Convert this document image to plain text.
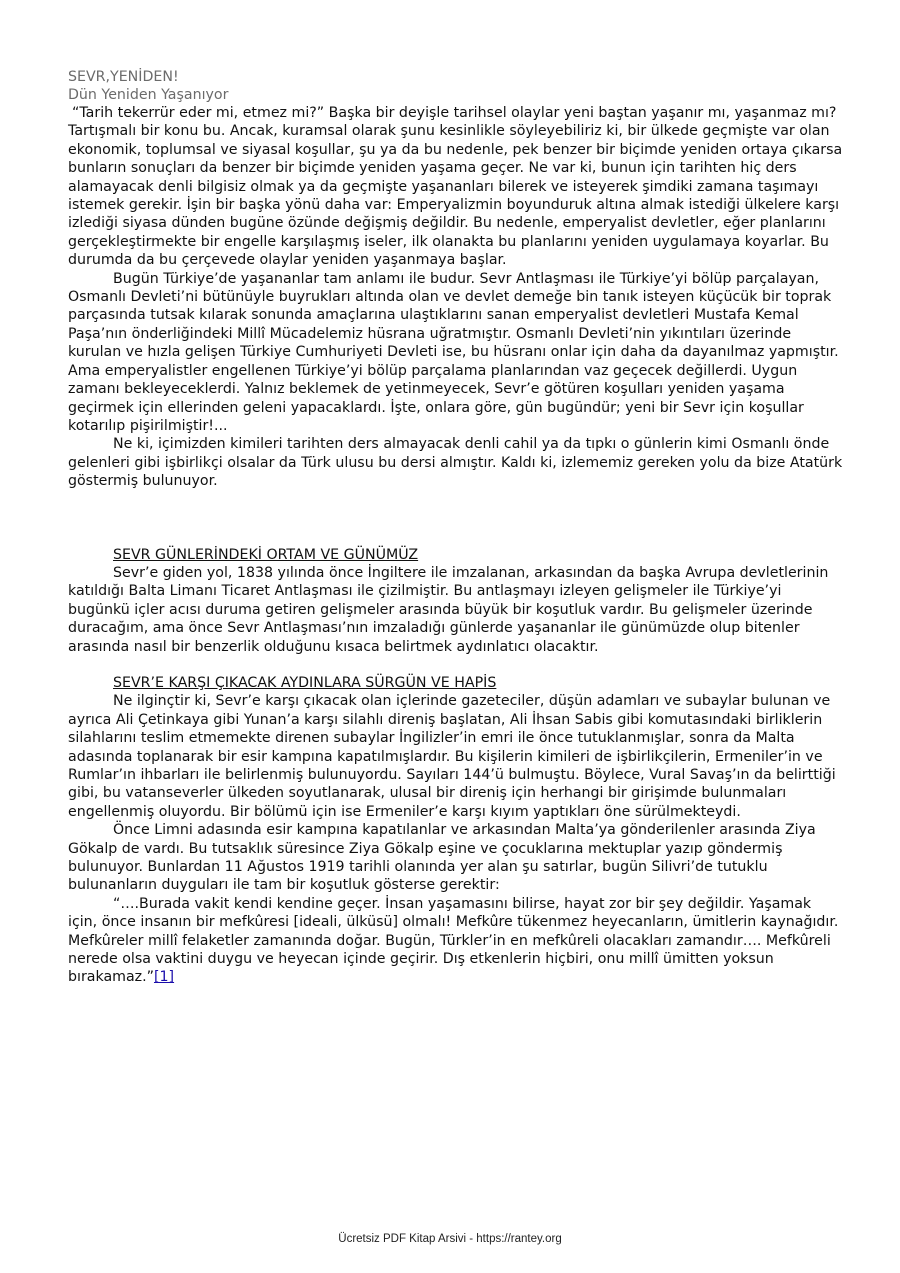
SEVR,YENİDEN!

Dün Yeniden Yaşanıyor

“Tarih tekerrür eder mi, etmez mi?” Başka bir deyişle tarihsel olaylar yeni baştan yaşanır mı, yaşanmaz mı? Tartışmalı bir konu bu. Ancak, kuramsal olarak şunu kesinlikle söyleyebiliriz ki, bir ülkede geçmişte var olan ekonomik, toplumsal ve siyasal koşullar, şu ya da bu nedenle, pek benzer bir biçimde yeniden ortaya çıkarsa bunların sonuçları da benzer bir biçimde yeniden yaşama geçer. Ne var ki, bunun için tarihten hiç ders alamayacak denli bilgisiz olmak ya da geçmişte yaşananları bilerek ve isteyerek şimdiki zamana taşımayı istemek gerekir. İşin bir başka yönü daha var: Emperyalizmin boyunduruk altına almak istediği ülkelere karşı izlediği siyasa dünden bugüne özünde değişmiş değildir. Bu nedenle, emperyalist devletler, eğer planlarını gerçekleştirmekte bir engelle karşılaşmış iseler, ilk olanakta bu planlarını yeniden uygulamaya koyarlar. Bu durumda da bu çerçevede olaylar yeniden yaşanmaya başlar.

Bugün Türkiye’de yaşananlar tam anlamı ile budur. Sevr Antlaşması ile Türkiye’yi bölüp parçalayan, Osmanlı Devleti’ni bütünüyle buyrukları altında olan ve devlet demeğe bin tanık isteyen küçücük bir toprak parçasında tutsak kılarak sonunda amaçlarına ulaştıklarını sanan emperyalist devletleri Mustafa Kemal Paşa’nın önderliğindeki Millî Mücadelemiz hüsrana uğratmıştır. Osmanlı Devleti’nin yıkıntıları üzerinde kurulan ve hızla gelişen Türkiye Cumhuriyeti Devleti ise, bu hüsranı onlar için daha da dayanılmaz yapmıştır. Ama emperyalistler engellenen Türkiye’yi bölüp parçalama planlarından vaz geçecek değillerdi. Uygun zamanı bekleyeceklerdi. Yalnız beklemek de yetinmeyecek, Sevr’e götüren koşulları yeniden yaşama geçirmek için ellerinden geleni yapacaklardı. İşte, onlara göre, gün bugündür; yeni bir Sevr için koşullar kotarılıp pişirilmiştir!...

Ne ki, içimizden kimileri tarihten ders almayacak denli cahil ya da tıpkı o günlerin kimi Osmanlı önde gelenleri gibi işbirlikçi olsalar da Türk ulusu bu dersi almıştır. Kaldı ki, izlememiz gereken yolu da bize Atatürk göstermiş bulunuyor.

SEVR GÜNLERİNDEKİ ORTAM VE GÜNÜMÜZ

Sevr’e giden yol, 1838 yılında önce İngiltere ile imzalanan, arkasından da başka Avrupa devletlerinin katıldığı Balta Limanı Ticaret Antlaşması ile çizilmiştir. Bu antlaşmayı izleyen gelişmeler ile Türkiye’yi bugünkü içler acısı duruma getiren gelişmeler arasında büyük bir koşutluk vardır. Bu gelişmeler üzerinde duracağım, ama önce Sevr Antlaşması’nın imzaladığı günlerde yaşananlar ile günümüzde olup bitenler arasında nasıl bir benzerlik olduğunu kısaca belirtmek aydınlatıcı olacaktır.

SEVR’E KARŞI ÇIKACAK AYDINLARA SÜRGÜN VE HAPİS

Ne ilginçtir ki, Sevr’e karşı çıkacak olan içlerinde gazeteciler, düşün adamları ve subaylar bulunan ve ayrıca Ali Çetinkaya gibi Yunan’a karşı silahlı direniş başlatan, Ali İhsan Sabis gibi komutasındaki birliklerin silahlarını teslim etmemekte direnen subaylar İngilizler’in emri ile önce tutuklanmışlar, sonra da Malta adasında toplanarak bir esir kampına kapatılmışlardır. Bu kişilerin kimileri de işbirlikçilerin, Ermeniler’in ve Rumlar’ın ihbarları ile belirlenmiş bulunuyordu. Sayıları 144’ü bulmuştu. Böylece, Vural Savaş’ın da belirttiği gibi, bu vatanseverler ülkeden soyutlanarak, ulusal bir direniş için herhangi bir girişimde bulunmaları engellenmiş oluyordu. Bir bölümü için ise Ermeniler’e karşı kıyım yaptıkları öne sürülmekteydi.

Önce Limni adasında esir kampına kapatılanlar ve arkasından Malta’ya gönderilenler arasında Ziya Gökalp de vardı. Bu tutsaklık süresince Ziya Gökalp eşine ve çocuklarına mektuplar yazıp göndermiş bulunuyor. Bunlardan 11 Ağustos 1919 tarihli olanında yer alan şu satırlar, bugün Silivri’de tutuklu bulunanların duyguları ile tam bir koşutluk gösterse gerektir:

“….Burada vakit kendi kendine geçer. İnsan yaşamasını bilirse, hayat zor bir şey değildir. Yaşamak için, önce insanın bir mefkûresi [ideali, ülküsü] olmalı! Mefkûre tükenmez heyecanların, ümitlerin kaynağıdır. Mefkûreler millî felaketler zamanında doğar. Bugün, Türkler’in en mefkûreli olacakları zamandır…. Mefkûreli nerede olsa vaktini duygu ve heyecan içinde geçirir. Dış etkenlerin hiçbiri, onu millî ümitten yoksun bırakamaz.”[1]

Ücretsiz PDF Kitap Arsivi - https://rantey.org
